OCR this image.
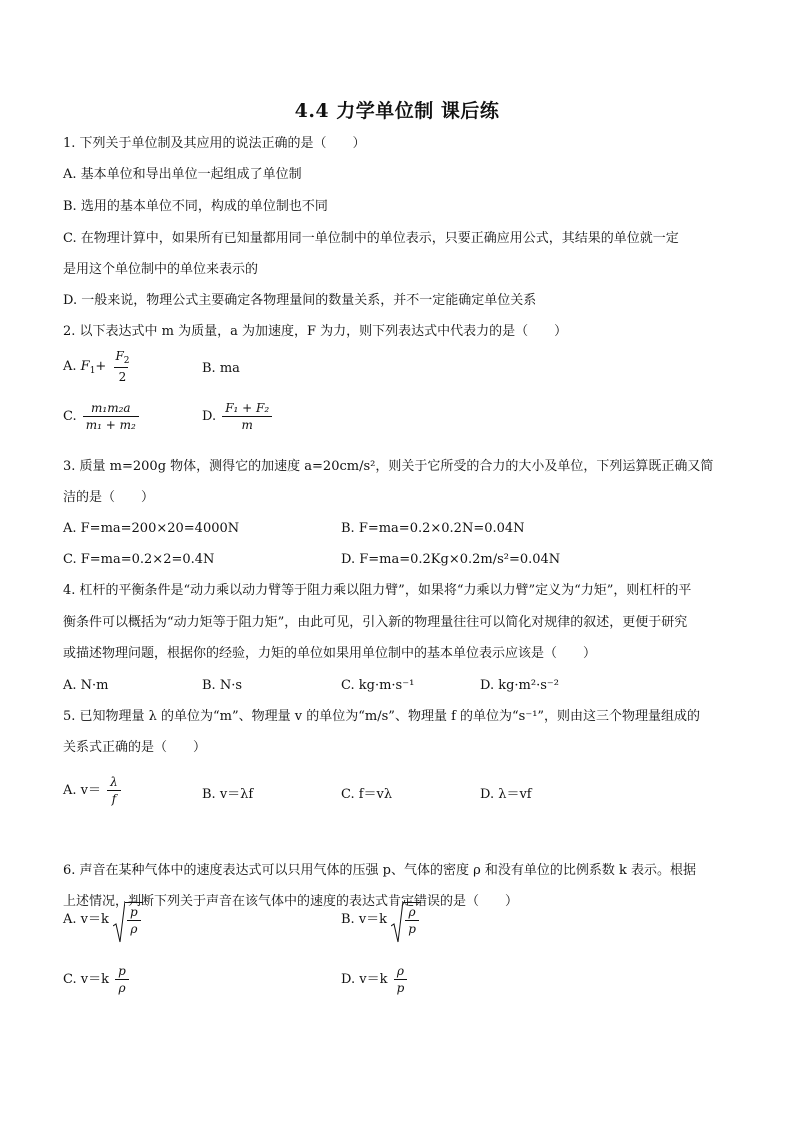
4.4 力学单位制 课后练
1. 下列关于单位制及其应用的说法正确的是（　　）
A. 基本单位和导出单位一起组成了单位制
B. 选用的基本单位不同，构成的单位制也不同
C. 在物理计算中，如果所有已知量都用同一单位制中的单位表示，只要正确应用公式，其结果的单位就一定
是用这个单位制中的单位来表示的
D. 一般来说，物理公式主要确定各物理量间的数量关系，并不一定能确定单位关系
2. 以下表达式中 m 为质量，a 为加速度，F 为力，则下列表达式中代表力的是（　　）
A. $F_1+$
$F_2$
2
B. ma
C. $\frac{\text{m₁m₂a}}{\text{m₁ + m₂}}$	D. $\frac{\text{F₁ + F₂}}{m}$
3. 质量 m=200g 物体，测得它的加速度 a=20cm/s²，则关于它所受的合力的大小及单位，下列运算既正确又简
洁的是（　　）
A. F=ma=200×20=4000N	B. F=ma=0.2×0.2N=0.04N
C. F=ma=0.2×2=0.4N	D. F=ma=0.2Kg×0.2m/s²=0.04N
4. 杠杆的平衡条件是“动力乘以动力臂等于阻力乘以阻力臂”，如果将“力乘以力臂”定义为“力矩”，则杠杆的平
衡条件可以概括为“动力矩等于阻力矩”，由此可见，引入新的物理量往往可以简化对规律的叙述，更便于研究
或描述物理问题，根据你的经验，力矩的单位如果用单位制中的基本单位表示应该是（　　）
A. N·m	B. N·s	C. kg·m·s⁻¹	D. kg·m²·s⁻²
5. 已知物理量 λ 的单位为“m”、物理量 v 的单位为“m/s”、物理量 f 的单位为“s⁻¹”，则由这三个物理量组成的
关系式正确的是（　　）
A. $v= \frac{\lambda}{f}$	B. v＝λf	C. f＝vλ	D. λ＝vf
6. 声音在某种气体中的速度表达式可以只用气体的压强 p、气体的密度 ρ 和没有单位的比例系数 k 表示。根据
上述情况，判断下列关于声音在该气体中的速度的表达式肯定错误的是（　　）
A. $v=k \frac{p}{\rho}$	B. $v=k \frac{\rho}{p}$
C. $v=k \frac{p}{\rho}$	D. $v=k \frac{\rho}{p}$
